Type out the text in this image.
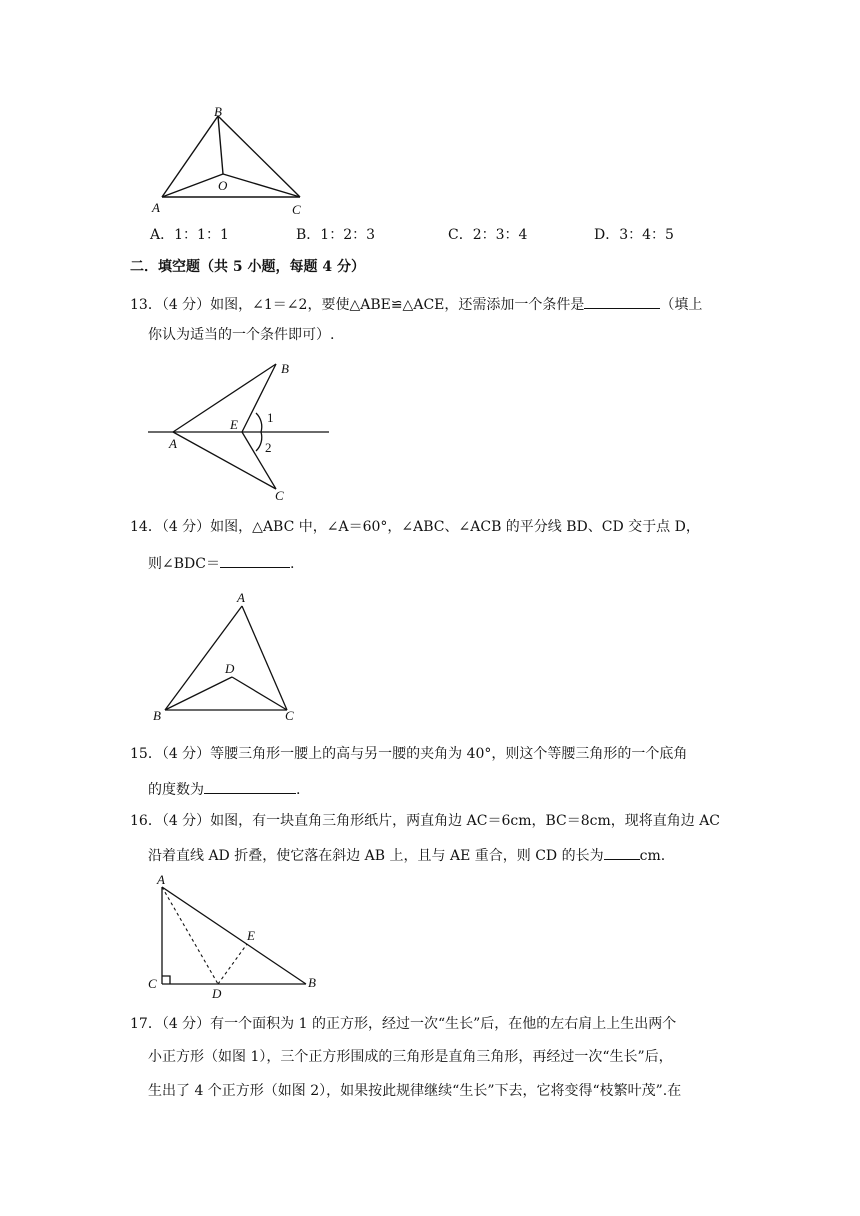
B
O
A	C
A．1：1：1	B．1：2：3	C．2：3：4	D．3：4：5
二．填空题（共 5 小题，每题 4 分）
13．（4 分）如图，∠1＝∠2，要使△ABE≌△ACE，还需添加一个条件是	（填上
你认为适当的一个条件即可）.
B
A
E 1
2
C
14．（4 分）如图，△ABC 中，∠A＝60°，∠ABC、∠ACB 的平分线 BD、CD 交于点 D，
则∠BDC＝	.
A
D
B	C
15．（4 分）等腰三角形一腰上的高与另一腰的夹角为 40°，则这个等腰三角形的一个底角
的度数为	.
16．（4 分）如图，有一块直角三角形纸片，两直角边 AC＝6cm，BC＝8cm，现将直角边 AC
沿着直线 AD 折叠，使它落在斜边 AB 上，且与 AE 重合，则 CD 的长为	cm.
A
E
C
D
B
17．（4 分）有一个面积为 1 的正方形，经过一次“生长”后，在他的左右肩上上生出两个
小正方形（如图 1），三个正方形围成的三角形是直角三角形，再经过一次“生长”后，
生出了 4 个正方形（如图 2），如果按此规律继续“生长”下去，它将变得“枝繁叶茂”.在
